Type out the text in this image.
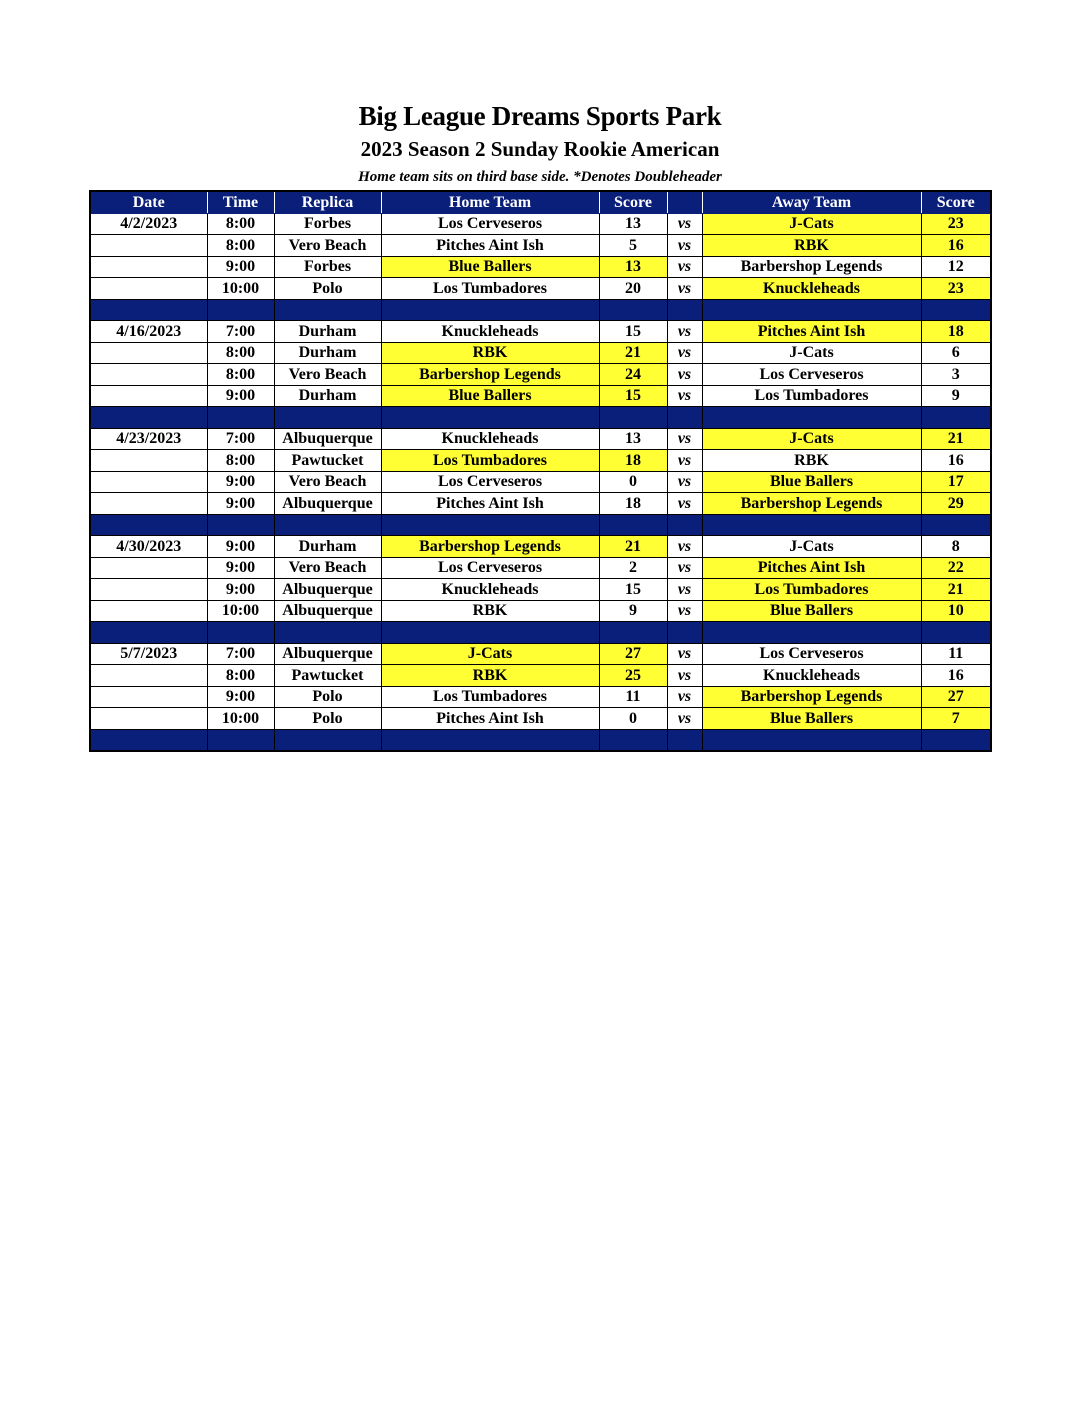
Big League Dreams Sports Park
2023 Season 2 Sunday Rookie American
Home team sits on third base side. *Denotes Doubleheader
Date	Time	Replica	Home Team	Score		Away Team	Score
4/2/2023	8:00	Forbes	Los Cerveseros	13	vs	J-Cats	23
	8:00	Vero Beach	Pitches Aint Ish	5	vs	RBK	16
	9:00	Forbes	Blue Ballers	13	vs	Barbershop Legends	12
	10:00	Polo	Los Tumbadores	20	vs	Knuckleheads	23

4/16/2023	7:00	Durham	Knuckleheads	15	vs	Pitches Aint Ish	18
	8:00	Durham	RBK	21	vs	J-Cats	6
	8:00	Vero Beach	Barbershop Legends	24	vs	Los Cerveseros	3
	9:00	Durham	Blue Ballers	15	vs	Los Tumbadores	9

4/23/2023	7:00	Albuquerque	Knuckleheads	13	vs	J-Cats	21
	8:00	Pawtucket	Los Tumbadores	18	vs	RBK	16
	9:00	Vero Beach	Los Cerveseros	0	vs	Blue Ballers	17
	9:00	Albuquerque	Pitches Aint Ish	18	vs	Barbershop Legends	29

4/30/2023	9:00	Durham	Barbershop Legends	21	vs	J-Cats	8
	9:00	Vero Beach	Los Cerveseros	2	vs	Pitches Aint Ish	22
	9:00	Albuquerque	Knuckleheads	15	vs	Los Tumbadores	21
	10:00	Albuquerque	RBK	9	vs	Blue Ballers	10

5/7/2023	7:00	Albuquerque	J-Cats	27	vs	Los Cerveseros	11
	8:00	Pawtucket	RBK	25	vs	Knuckleheads	16
	9:00	Polo	Los Tumbadores	11	vs	Barbershop Legends	27
	10:00	Polo	Pitches Aint Ish	0	vs	Blue Ballers	7
